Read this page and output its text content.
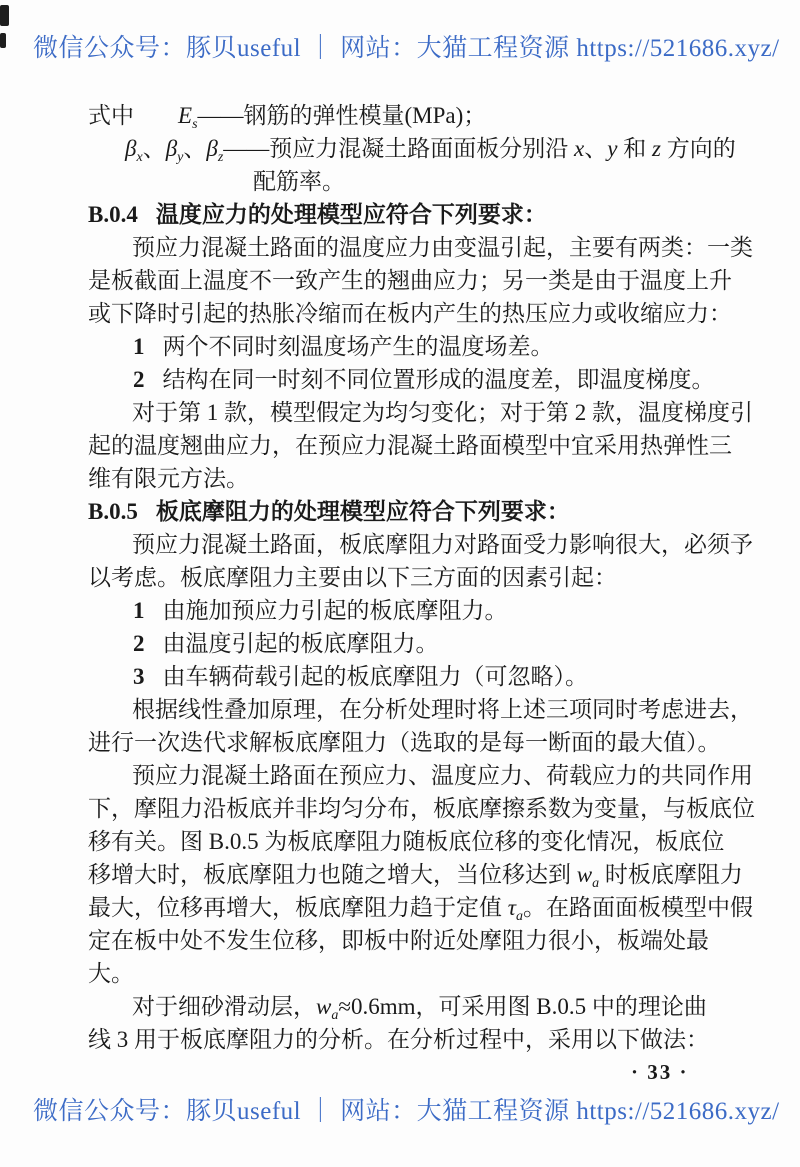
微信公众号：豚贝useful ｜ 网站：大猫工程资源 https://521686.xyz/
式中 $E_s——$钢筋的弹性模量(MPa)；
$\beta_x$、$\beta_y$、$\beta_z——$预应力混凝土路面面板分别沿 x、y 和 z 方向的
配筋率。
B.0.4 温度应力的处理模型应符合下列要求：
预应力混凝土路面的温度应力由变温引起，主要有两类：一类
是板截面上温度不一致产生的翘曲应力；另一类是由于温度上升
或下降时引起的热胀冷缩而在板内产生的热压应力或收缩应力：
1 两个不同时刻温度场产生的温度场差。
2 结构在同一时刻不同位置形成的温度差，即温度梯度。
对于第 1 款，模型假定为均匀变化；对于第 2 款，温度梯度引
起的温度翘曲应力，在预应力混凝土路面模型中宜采用热弹性三
维有限元方法。
B.0.5 板底摩阻力的处理模型应符合下列要求：
预应力混凝土路面，板底摩阻力对路面受力影响很大，必须予
以考虑。板底摩阻力主要由以下三方面的因素引起：
1 由施加预应力引起的板底摩阻力。
2 由温度引起的板底摩阻力。
3 由车辆荷载引起的板底摩阻力（可忽略）。
根据线性叠加原理，在分析处理时将上述三项同时考虑进去，
进行一次迭代求解板底摩阻力（选取的是每一断面的最大值）。
预应力混凝土路面在预应力、温度应力、荷载应力的共同作用
下，摩阻力沿板底并非均匀分布，板底摩擦系数为变量，与板底位
移有关。图 B.0.5 为板底摩阻力随板底位移的变化情况，板底位
移增大时，板底摩阻力也随之增大，当位移达到 $w_a$ 时板底摩阻力
最大，位移再增大，板底摩阻力趋于定值 $\tau_a$。在路面面板模型中假
定在板中处不发生位移，即板中附近处摩阻力很小，板端处最
大。
对于细砂滑动层，$w_a\approx 0.6mm$，可采用图 B.0.5 中的理论曲
线 3 用于板底摩阻力的分析。在分析过程中，采用以下做法：
· 33 ·
微信公众号：豚贝useful ｜ 网站：大猫工程资源 https://521686.xyz/
